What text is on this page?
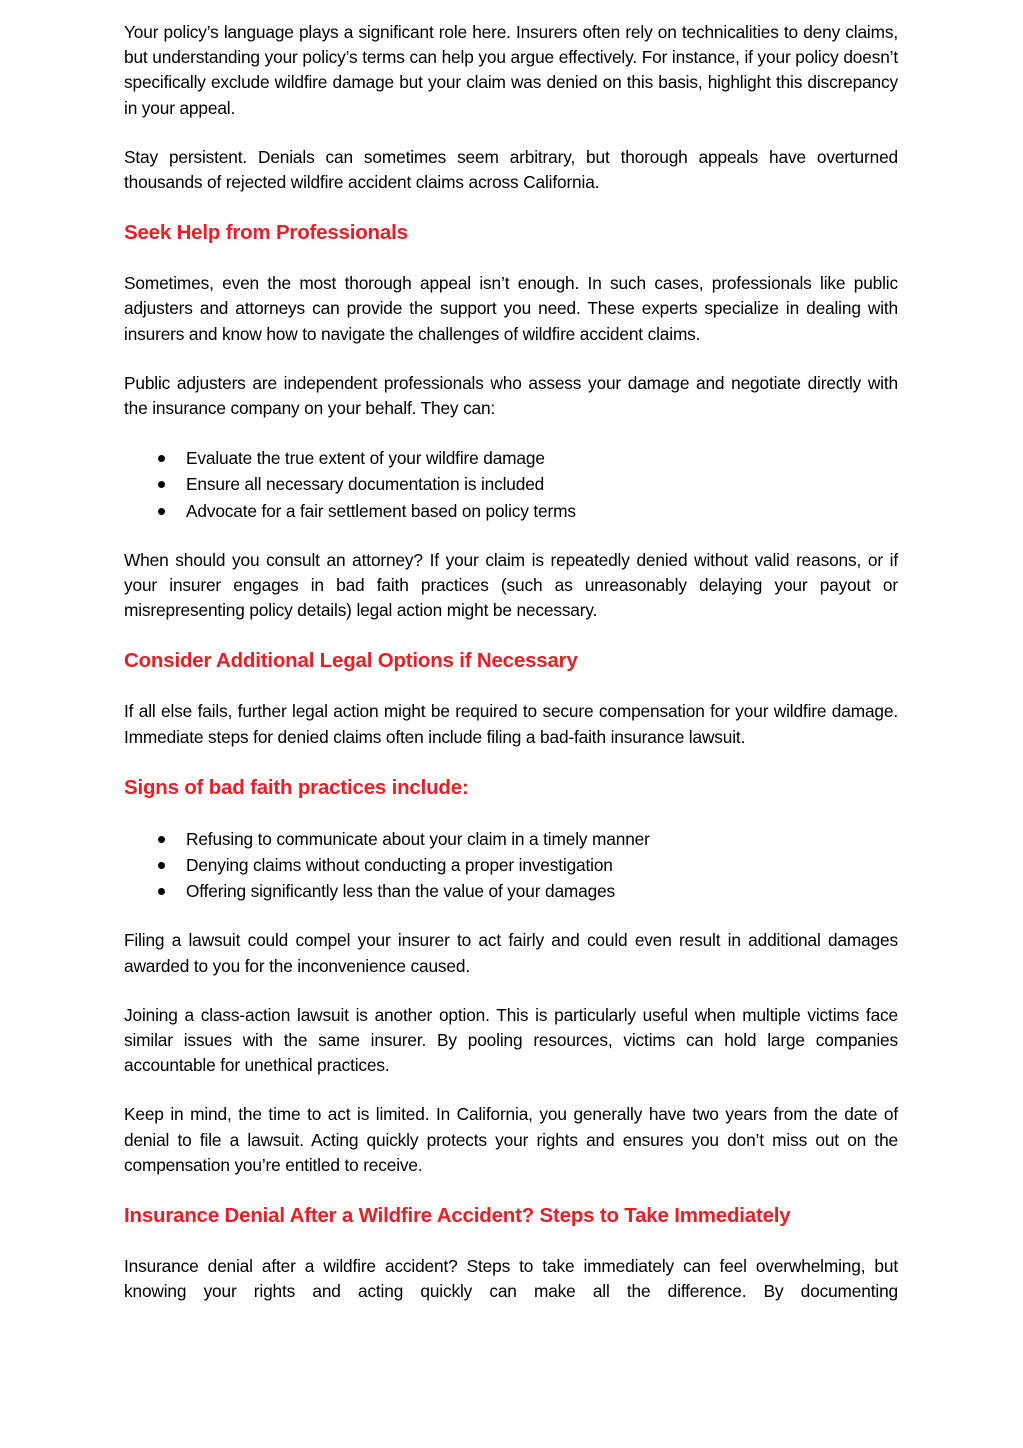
Your policy’s language plays a significant role here. Insurers often rely on technicalities to deny claims, but understanding your policy’s terms can help you argue effectively. For instance, if your policy doesn’t specifically exclude wildfire damage but your claim was denied on this basis, highlight this discrepancy in your appeal.

Stay persistent. Denials can sometimes seem arbitrary, but thorough appeals have overturned thousands of rejected wildfire accident claims across California.

Seek Help from Professionals

Sometimes, even the most thorough appeal isn’t enough. In such cases, professionals like public adjusters and attorneys can provide the support you need. These experts specialize in dealing with insurers and know how to navigate the challenges of wildfire accident claims.

Public adjusters are independent professionals who assess your damage and negotiate directly with the insurance company on your behalf. They can:

Evaluate the true extent of your wildfire damage
Ensure all necessary documentation is included
Advocate for a fair settlement based on policy terms

When should you consult an attorney? If your claim is repeatedly denied without valid reasons, or if your insurer engages in bad faith practices (such as unreasonably delaying your payout or misrepresenting policy details) legal action might be necessary.

Consider Additional Legal Options if Necessary

If all else fails, further legal action might be required to secure compensation for your wildfire damage. Immediate steps for denied claims often include filing a bad-faith insurance lawsuit.

Signs of bad faith practices include:
Refusing to communicate about your claim in a timely manner
Denying claims without conducting a proper investigation
Offering significantly less than the value of your damages

Filing a lawsuit could compel your insurer to act fairly and could even result in additional damages awarded to you for the inconvenience caused.

Joining a class-action lawsuit is another option. This is particularly useful when multiple victims face similar issues with the same insurer. By pooling resources, victims can hold large companies accountable for unethical practices.

Keep in mind, the time to act is limited. In California, you generally have two years from the date of denial to file a lawsuit. Acting quickly protects your rights and ensures you don’t miss out on the compensation you’re entitled to receive.

Insurance Denial After a Wildfire Accident? Steps to Take Immediately

Insurance denial after a wildfire accident? Steps to take immediately can feel overwhelming, but knowing your rights and acting quickly can make all the difference. By documenting
